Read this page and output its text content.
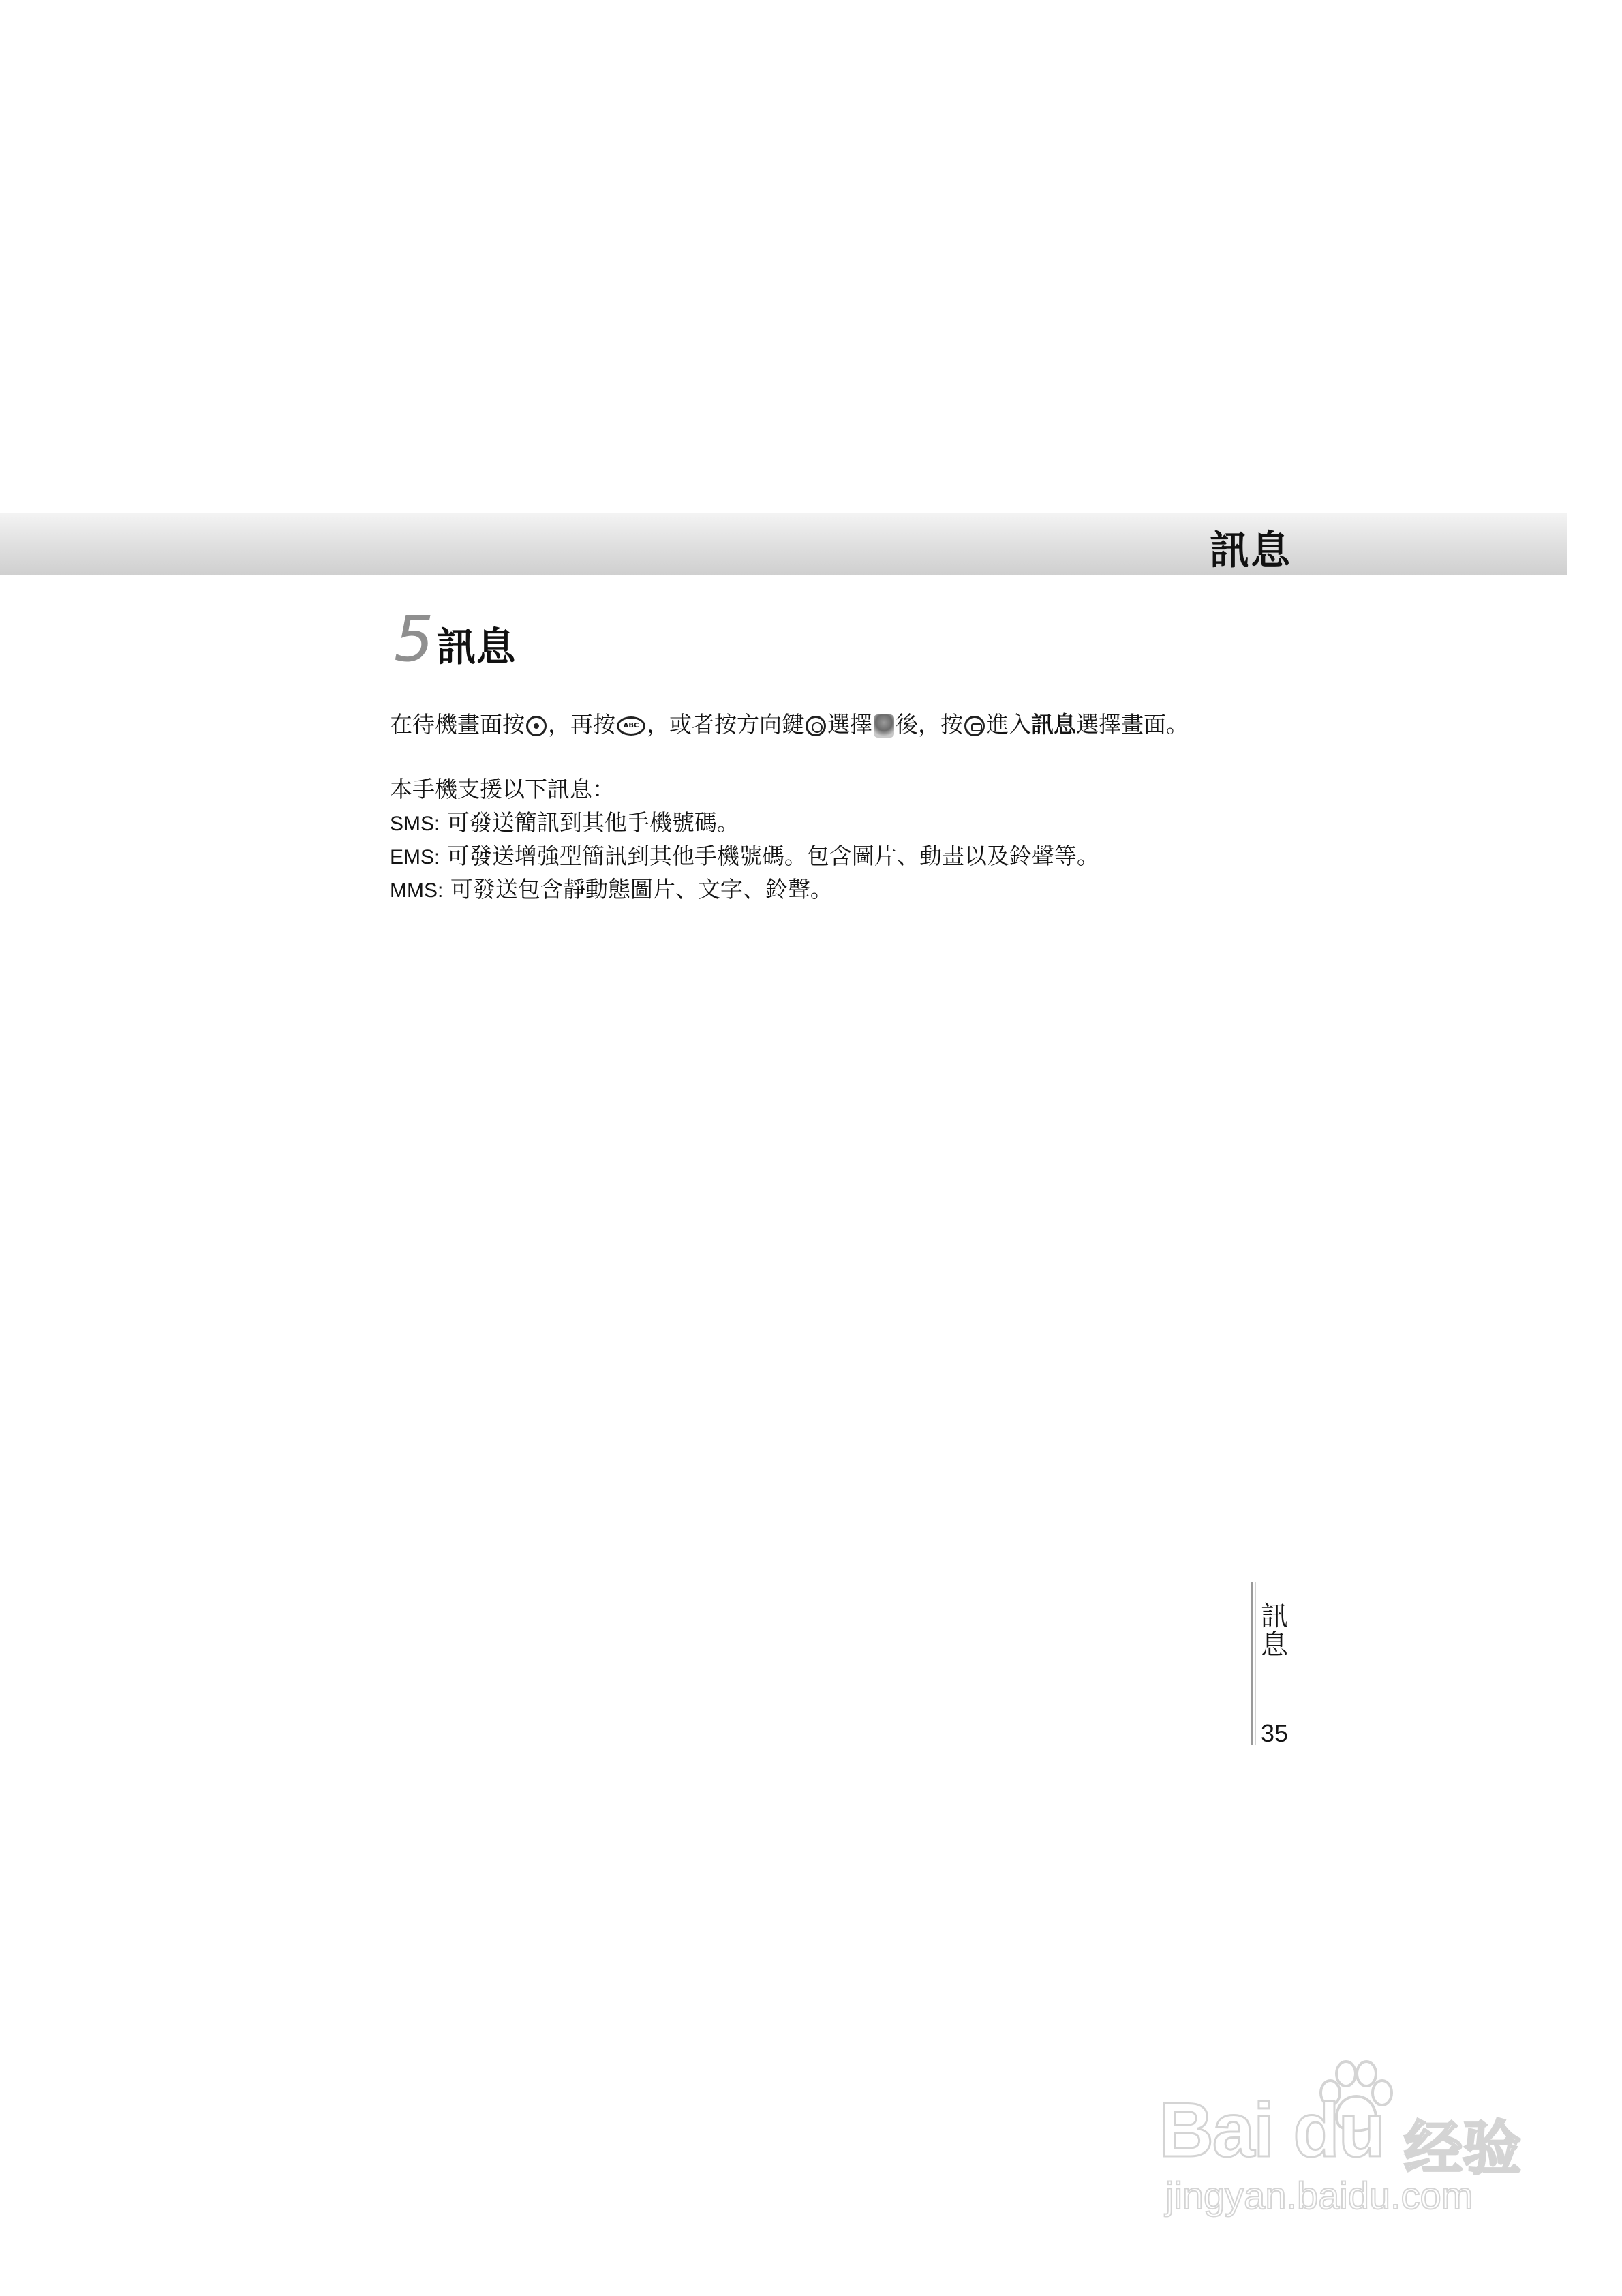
訊息
5 訊息
在待機畫面按 ，再按 ABC ，或者按方向鍵 選擇 後，按 進入訊息選擇畫面。
本手機支援以下訊息：
SMS: 可發送簡訊到其他手機號碼。
EMS: 可發送增強型簡訊到其他手機號碼。包含圖片、動畫以及鈴聲等。
MMS: 可發送包含靜動態圖片、文字、鈴聲。
訊
息
35
Bai du 经验
jingyan.baidu.com
